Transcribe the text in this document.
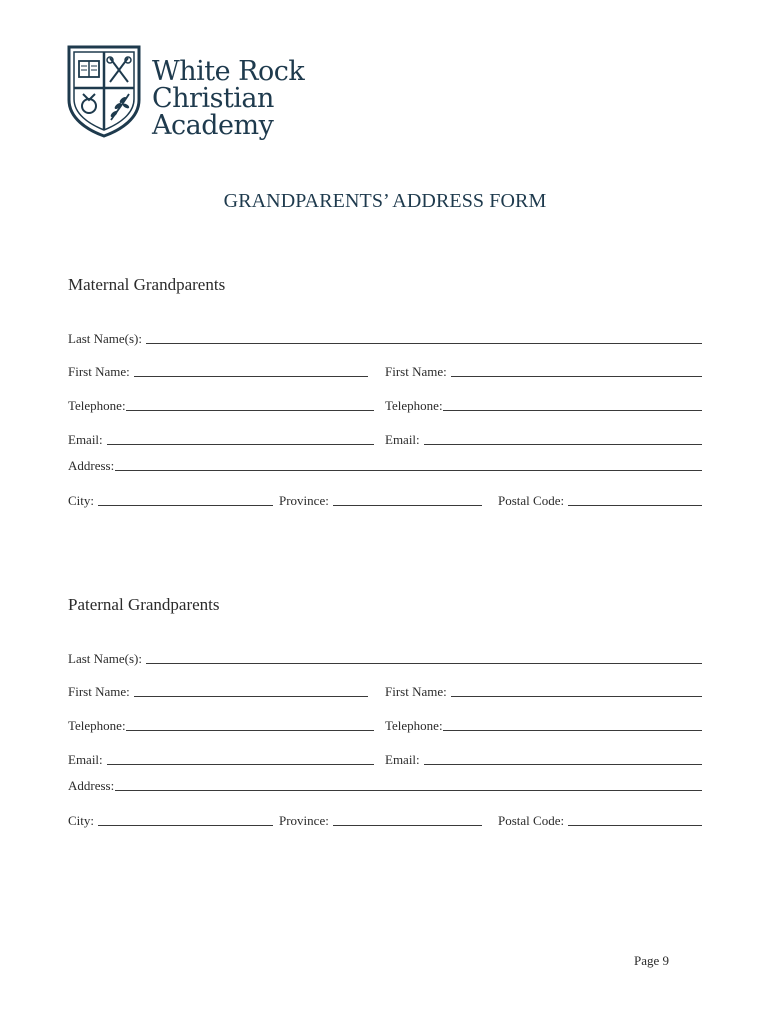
White Rock
Christian Academy
GRANDPARENTS’ ADDRESS FORM
Maternal Grandparents
Last Name(s):
First Name:	First Name:
Telephone:	Telephone:
Email:	Email:
Address:
City:	Province:	Postal Code:
Paternal Grandparents
Last Name(s):
First Name:	First Name:
Telephone:	Telephone:
Email:	Email:
Address:
City:	Province:	Postal Code:
Page 9
